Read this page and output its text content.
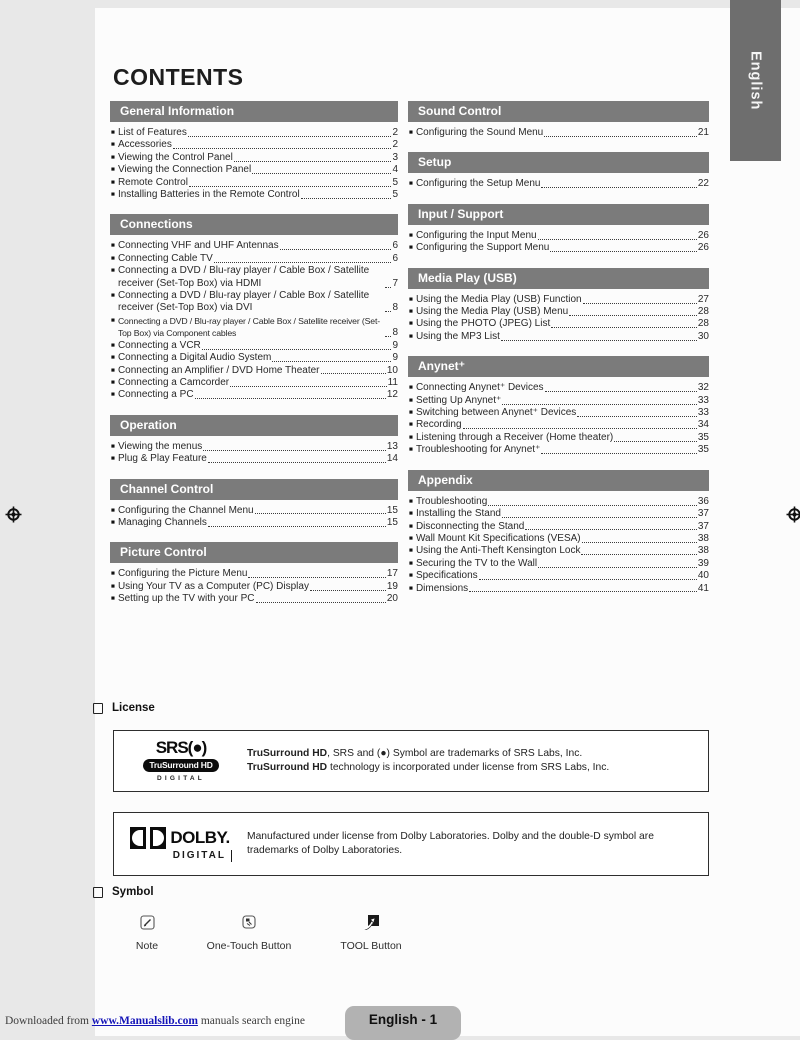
English
CONTENTS
General Information
■ List of Features	2
■ Accessories	2
■ Viewing the Control Panel	3
■ Viewing the Connection Panel	4
■ Remote Control	5
■ Installing Batteries in the Remote Control	5
Connections
■ Connecting VHF and UHF Antennas	6
■ Connecting Cable TV	6
■ Connecting a DVD / Blu-ray player / Cable Box / Satellite receiver (Set-Top Box) via HDMI	7
■ Connecting a DVD / Blu-ray player / Cable Box / Satellite receiver (Set-Top Box) via DVI	8
■ Connecting a DVD / Blu-ray player / Cable Box / Satellite receiver (Set-Top Box) via Component cables	8
■ Connecting a VCR	9
■ Connecting a Digital Audio System	9
■ Connecting an Amplifier / DVD Home Theater	10
■ Connecting a Camcorder	11
■ Connecting a PC	12
Operation
■ Viewing the menus	13
■ Plug & Play Feature	14
Channel Control
■ Configuring the Channel Menu	15
■ Managing Channels	15
Picture Control
■ Configuring the Picture Menu	17
■ Using Your TV as a Computer (PC) Display	19
■ Setting up the TV with your PC	20
Sound Control
■ Configuring the Sound Menu	21
Setup
■ Configuring the Setup Menu	22
Input / Support
■ Configuring the Input Menu	26
■ Configuring the Support Menu	26
Media Play (USB)
■ Using the Media Play (USB) Function	27
■ Using the Media Play (USB) Menu	28
■ Using the PHOTO (JPEG) List	28
■ Using the MP3 List	30
Anynet⁺
■ Connecting Anynet⁺ Devices	32
■ Setting Up Anynet⁺	33
■ Switching between Anynet⁺ Devices	33
■ Recording	34
■ Listening through a Receiver (Home theater)	35
■ Troubleshooting for Anynet⁺	35
Appendix
■ Troubleshooting	36
■ Installing the Stand	37
■ Disconnecting the Stand	37
■ Wall Mount Kit Specifications (VESA)	38
■ Using the Anti-Theft Kensington Lock	38
■ Securing the TV to the Wall	39
■ Specifications	40
■ Dimensions	41
License
SRS(●)
TruSurround HD
DIGITAL
TruSurround HD, SRS and (●) Symbol are trademarks of SRS Labs, Inc.
TruSurround HD technology is incorporated under license from SRS Labs, Inc.
DOLBY.
DIGITAL
Manufactured under license from Dolby Laboratories. Dolby and the double-D symbol are trademarks of Dolby Laboratories.
Symbol
Note	One-Touch Button	TOOL Button
English - 1
Downloaded from www.Manualslib.com manuals search engine
